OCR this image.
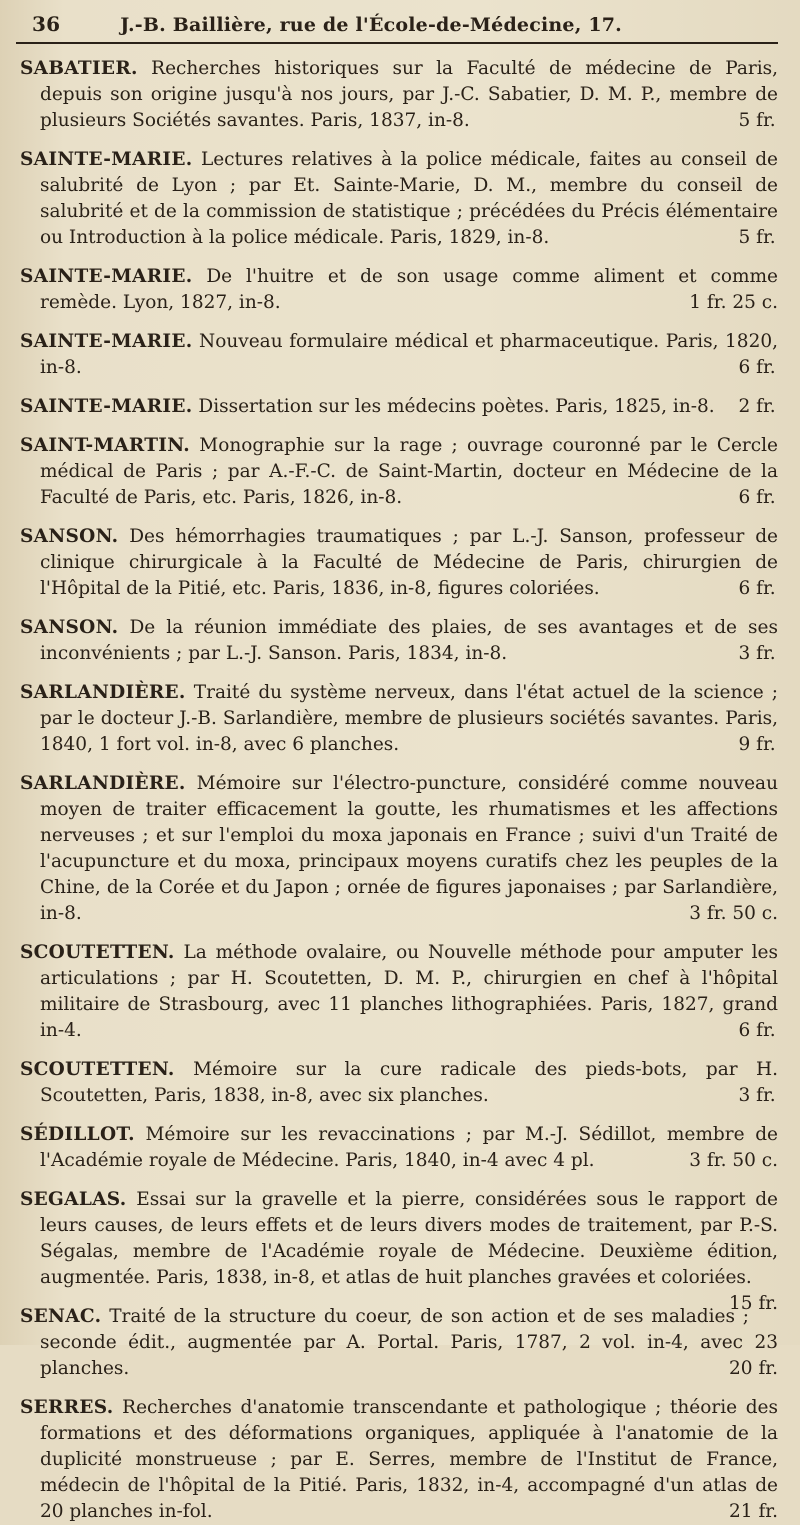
36	J.-B. Baillière, rue de l'École-de-Médecine, 17.

SABATIER. Recherches historiques sur la Faculté de médecine de Paris, depuis son origine jusqu'à nos jours, par J.-C. Sabatier, D. M. P., membre de plusieurs Sociétés savantes. Paris, 1837, in-8.	5 fr.

SAINTE-MARIE. Lectures relatives à la police médicale, faites au conseil de salubrité de Lyon ; par Et. Sainte-Marie, D. M., membre du conseil de salubrité et de la commission de statistique ; précédées du Précis élémentaire ou Introduction à la police médicale. Paris, 1829, in-8.	5 fr.

SAINTE-MARIE. De l'huitre et de son usage comme aliment et comme remède. Lyon, 1827, in-8.	1 fr. 25 c.

SAINTE-MARIE. Nouveau formulaire médical et pharmaceutique. Paris, 1820, in-8.	6 fr.

SAINTE-MARIE. Dissertation sur les médecins poètes. Paris, 1825, in-8. 2 fr.

SAINT-MARTIN. Monographie sur la rage ; ouvrage couronné par le Cercle médical de Paris ; par A.-F.-C. de Saint-Martin, docteur en Médecine de la Faculté de Paris, etc. Paris, 1826, in-8.	6 fr.

SANSON. Des hémorrhagies traumatiques ; par L.-J. Sanson, professeur de clinique chirurgicale à la Faculté de Médecine de Paris, chirurgien de l'Hôpital de la Pitié, etc. Paris, 1836, in-8, figures coloriées.	6 fr.

SANSON. De la réunion immédiate des plaies, de ses avantages et de ses inconvénients ; par L.-J. Sanson. Paris, 1834, in-8.	3 fr.

SARLANDIÈRE. Traité du système nerveux, dans l'état actuel de la science ; par le docteur J.-B. Sarlandière, membre de plusieurs sociétés savantes. Paris, 1840, 1 fort vol. in-8, avec 6 planches.	9 fr.

SARLANDIÈRE. Mémoire sur l'électro-puncture, considéré comme nouveau moyen de traiter efficacement la goutte, les rhumatismes et les affections nerveuses ; et sur l'emploi du moxa japonais en France ; suivi d'un Traité de l'acupuncture et du moxa, principaux moyens curatifs chez les peuples de la Chine, de la Corée et du Japon ; ornée de figures japonaises ; par Sarlandière, in-8.	3 fr. 50 c.

SCOUTETTEN. La méthode ovalaire, ou Nouvelle méthode pour amputer les articulations ; par H. Scoutetten, D. M. P., chirurgien en chef à l'hôpital militaire de Strasbourg, avec 11 planches lithographiées. Paris, 1827, grand in-4.	6 fr.

SCOUTETTEN. Mémoire sur la cure radicale des pieds-bots, par H. Scoutetten, Paris, 1838, in-8, avec six planches.	3 fr.

SÉDILLOT. Mémoire sur les revaccinations ; par M.-J. Sédillot, membre de l'Académie royale de Médecine. Paris, 1840, in-4 avec 4 pl.	3 fr. 50 c.

SEGALAS. Essai sur la gravelle et la pierre, considérées sous le rapport de leurs causes, de leurs effets et de leurs divers modes de traitement, par P.-S. Ségalas, membre de l'Académie royale de Médecine. Deuxième édition, augmentée. Paris, 1838, in-8, et atlas de huit planches gravées et coloriées.
15 fr.

SENAC. Traité de la structure du coeur, de son action et de ses maladies ; seconde édit., augmentée par A. Portal. Paris, 1787, 2 vol. in-4, avec 23 planches.	20 fr.

SERRES. Recherches d'anatomie transcendante et pathologique ; théorie des formations et des déformations organiques, appliquée à l'anatomie de la duplicité monstrueuse ; par E. Serres, membre de l'Institut de France, médecin de l'hôpital de la Pitié. Paris, 1832, in-4, accompagné d'un atlas de 20 planches in-fol.	21 fr.
